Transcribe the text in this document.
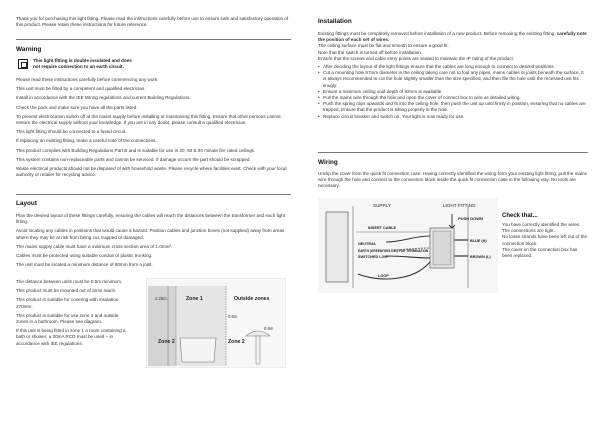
Thank you for purchasing this light fitting. Please read the instructions carefully before use to ensure safe and satisfactory operation of this product. Please retain these instructions for future reference.

Warning

This light fitting is double insulated and does
not require connection to an earth circuit.

Please read these instructions carefully before commencing any work

This unit must be fitted by a competent and qualified electrician.

Install in accordance with the IEE Wiring regulations and current Building Regulations.

Check the pack and make sure you have all the parts listed.

To prevent electrocution switch off at the mains supply before installing or maintaining this fitting. Ensure that other persons cannot restore the electrical supply without your knowledge. If you are in any doubt, please consult a qualified electrician.

This light fitting should be connected to a fused circuit.

If replacing an existing fitting, make a careful note of the connections.

This product complies with Building Regulations Part B and is suitable for use in 30, 60 & 90 minute fire rated ceilings.

This system contains non-replaceable parts and cannot be serviced. If damage occurs the part should be scrapped.

Waste electrical products should not be disposed of with household waste. Please recycle where facilities exist. Check with your local authority or retailer for recycling advice.

Layout

Plan the desired layout of these fittings carefully, ensuring the cables will reach the distances between the transformer and each light fitting.

Avoid locating any cables in positions that would cause a hazard. Position cables and junction boxes (not supplied) away from areas where they may be at risk from being cut, trapped or damaged.

The mains supply cable must have a minimum cross section area of 1.0mm².

Cables must be protected using suitable conduit or plastic trunking.

The unit must be located a minimum distance of 50mm from a joist.

The distance between units must be 0.5m minimum.

This product must be mounted out of arms reach.

This product is suitable for covering with insulation 270mm.

This product is suitable for use zone 2 and outside zones in a bathroom. Please see diagram.

If this unit is being fitted in zone 1 a room containing a bath or shower, a 30mA RCD must be used – in accordance with IEE regulations.

2.25m	Zone 1	Outside zones
0.6m
0.6m
Zone 2	Zone 2
Installation

Existing fittings must be completely removed before installation of a new product. Before removing the existing fitting, carefully note the position of each set of wires.

The ceiling surface must be flat and smooth to ensure a good fit.

Note that the switch is turned off before installation.

Ensure that the screws and cable entry points are sealed to maintain the IP rating of the product.

• After deciding the layout of the light fittings ensure that the cables are long enough to connect to desired positions.
• Cut a mounting hole 57mm diameter in the ceiling taking care not to foul any pipes, mains cables or joists beneath the surface. It is always recommended to cut the hole slightly smaller than the size specified, and then file the hole until the recessed unit fits snugly.
• Ensure a minimum ceiling void depth of 82mm is available.
• Pull the mains wire through the hole and open the cover of connect box to wire as detailed wiring.
• Push the spring clips upwards and fit into the ceiling hole, then push the unit up until firmly in position, ensuring that no cables are trapped. Ensure that the product is sitting properly in the hole.
• Replace circuit breaker and switch on. Your light is now ready for use.
Wiring

Unclip the cover from the quick fit connection case. Having correctly identified the wiring form your existing light fitting, pull the mains wire through the hole and connect to the connection block inside the quick fit connection case in the following way. No tools are necessary.

SUPPLY	LIGHT FITTING
PUSH DOWN
INSERT CABLE
NEUTRAL
EARTH (GREEN/YELLOW) FOR TERMINATION
SWITCHED LIVE
LOOP
BLUE (N)
BROWN (L)
Check that...

You have correctly identified the wires.

The connections are tight.

No loose strands have been left out of the connection block.

The cover on the connection box has been replaced.
